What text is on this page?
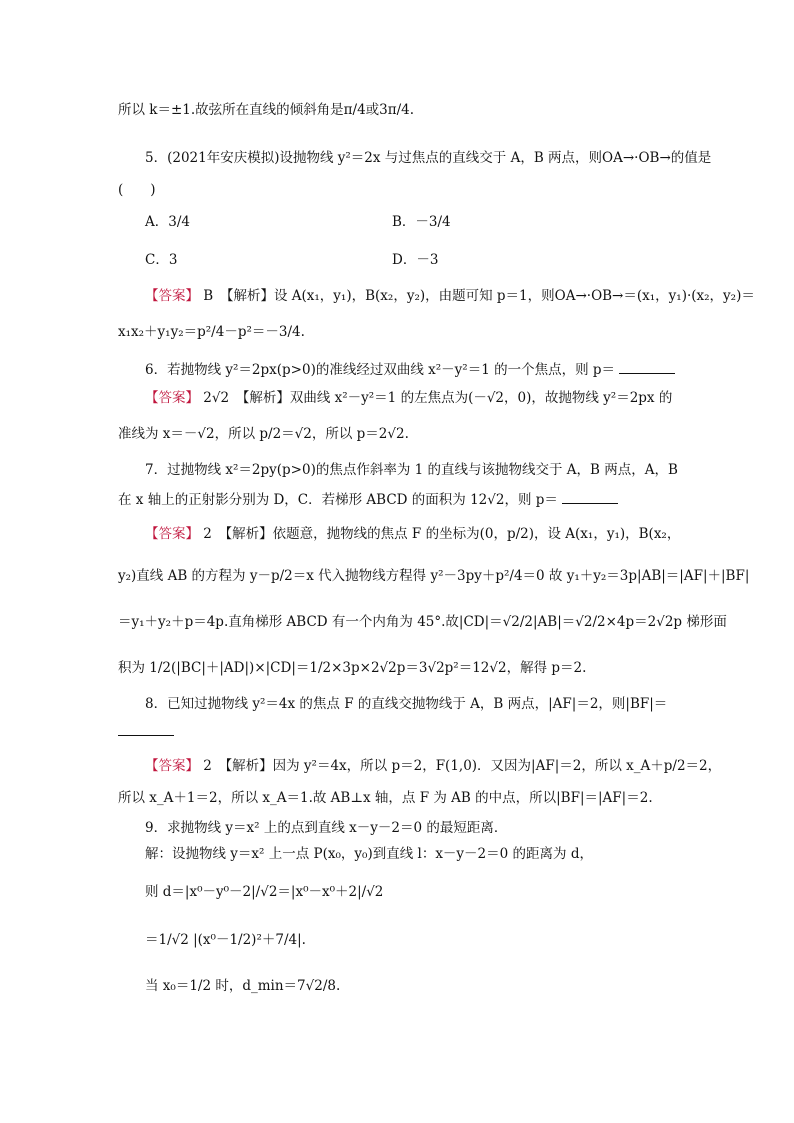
所以 k＝±1.故弦所在直线的倾斜角是π/4或3π/4.
5．(2021年安庆模拟)设抛物线 y²＝2x 与过焦点的直线交于 A，B 两点，则OA→·OB→的值是
(　　)
A．3/4	B．－3/4
C．3	D．－3
【答案】 B　【解析】设 A(x₁，y₁)，B(x₂，y₂)，由题可知 p＝1，则OA→·OB→＝(x₁，y₁)·(x₂，y₂)＝
x₁x₂＋y₁y₂＝p²/4－p²＝－3/4.
6．若抛物线 y²＝2px(p>0)的准线经过双曲线 x²－y²＝1 的一个焦点，则 p＝
【答案】 2√2　【解析】双曲线 x²－y²＝1 的左焦点为(－√2，0)，故抛物线 y²＝2px 的
准线为 x＝－√2，所以 p/2＝√2，所以 p＝2√2.
7．过抛物线 x²＝2py(p>0)的焦点作斜率为 1 的直线与该抛物线交于 A，B 两点，A，B
在 x 轴上的正射影分别为 D，C．若梯形 ABCD 的面积为 12√2，则 p＝
【答案】 2　【解析】依题意，抛物线的焦点 F 的坐标为(0，p/2)，设 A(x₁，y₁)，B(x₂，
y₂)直线 AB 的方程为 y－p/2＝x 代入抛物线方程得 y²－3py＋p²/4＝0 故 y₁＋y₂＝3p|AB|＝|AF|＋|BF|
＝y₁＋y₂＋p＝4p.直角梯形 ABCD 有一个内角为 45°.故|CD|＝√2/2|AB|＝√2/2×4p＝2√2p 梯形面
积为 1/2(|BC|＋|AD|)×|CD|＝1/2×3p×2√2p＝3√2p²＝12√2，解得 p＝2.
8．已知过抛物线 y²＝4x 的焦点 F 的直线交抛物线于 A，B 两点，|AF|＝2，则|BF|＝
【答案】 2　【解析】因为 y²＝4x，所以 p＝2，F(1,0)．又因为|AF|＝2，所以 x_A＋p/2＝2，
所以 x_A＋1＝2，所以 x_A＝1.故 AB⊥x 轴，点 F 为 AB 的中点，所以|BF|＝|AF|＝2.
9．求抛物线 y＝x² 上的点到直线 x－y－2＝0 的最短距离．
解：设抛物线 y＝x² 上一点 P(x₀，y₀)到直线 l：x－y－2＝0 的距离为 d，
则 d＝|x⁰－y⁰－2|/√2＝|x⁰－x⁰＋2|/√2
＝1/√2 |(x⁰－1/2)²＋7/4|.
当 x₀＝1/2 时，d_min＝7√2/8.
